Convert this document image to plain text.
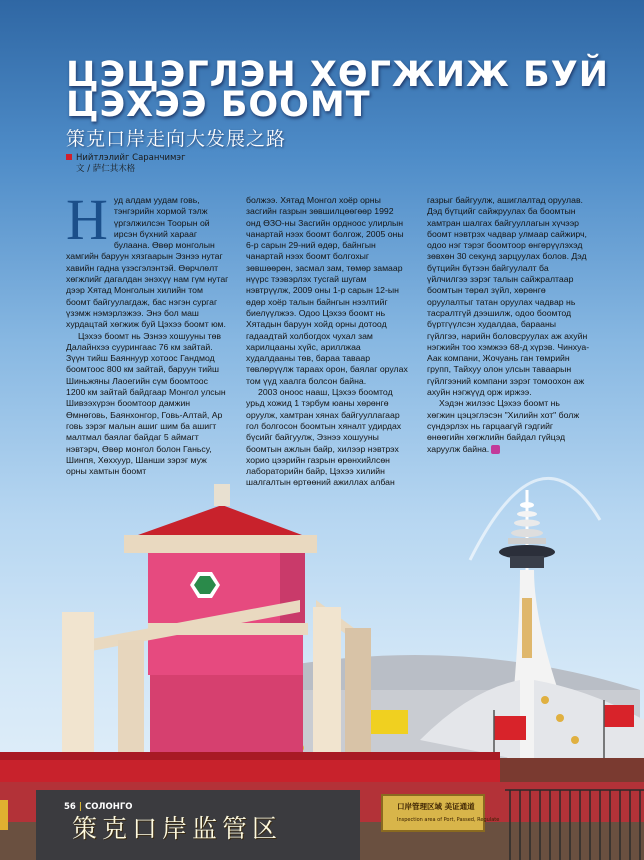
ЦЭЦЭГЛЭН ХӨГЖИЖ БУЙ
ЦЭХЭЭ БООМТ
策克口岸走向大发展之路
Нийтлэлийг Саранчимэг
文 / 萨仁其木格

Нуд алдам уудам говь, тэнгэрийн хормой тэлж үргэлжилсэн Тоорын ой ирсэн бүхний харааг булаана. Өвөр монголын хамгийн баруун хязгаарын Эзнээ нутаг хавийн гадна үзэсгэлэнтэй. Өөрчлөлт хөгжлийг дагалдан энэхүү нам гүм нутаг дээр Хятад Монголын хилийн том боомт байгуулагдаж, бас нэгэн сургаг үзэмж нэмэрлэжээ. Энэ бол маш хурдацтай хөгжиж буй Цэхээ боомт юм.

Цэхээ боомт нь Эзнээ хошууны төв Далайнхээ суурингаас 76 км зайтай. Зүүн тийш Баяннуур хотоос Гандмод боомтоос 800 км зайтай, баруун тийш Шиньжяны Лаоегийн сүм боомтоос 1200 км зайтай байдгаар Монгол улсын Шивээхүрэн боомтоор дамжин Өмнөговь, Баянхонгор, Говь-Алтай, Ар говь зэрэг малын ашиг шим ба ашигт малтмал баялаг байдаг 5 аймагт нэвтэрч, Өвөр монгол болон Ганьсу, Шинпя, Хөххуур, Шанши зэрэг муж орны хамтын боомт

болжээ. Хятад Монгол хоёр орны засгийн газрын зөвшилцөөгөөр 1992 онд ӨЗО-ны Засгийн ордноос улирлын чанартай нээх боомт болгож, 2005 оны 6-р сарын 29-ний өдөр, байнгын чанартай нээх боомт болгохыг зөвшөөрөн, засмал зам, төмөр замаар нүүрс тээвэрлэх тусгай шугам нэвтрүүлж, 2009 оны 1-р сарын 12-ын өдөр хоёр талын байнгын нээлтийг биелүүлжээ. Одоо Цэхээ боомт нь Хятадын баруун хойд орны дотоод гадаадтай холбогдох чухал зам харилцааны хүйс, ариллжаа худалдааны төв, бараа таваар төвлөрүүлж тарааx орон, баялаг орулах том үүд хаалга болсон байна.

2003 оноос нааш, Цэхээ боомтод урьд хожид 1 тэрбум юаны хөрөнгө оруулж, хамтран хянах байгууллагаар гол болгосон боомтын хяналт удирдах бүсийг байгуулж, Эзнээ хошууны боомтын ажлын байр, хилээр нэвтрэх хорио цээрийн газрын өрөнхийлсөн лабораторийн байр, Цэхээ хилийн шалгалтын өртөөний ажиллах албан

газрыг байгуулж, ашиглалтад оруулав. Дэд бүтцийг сайжруулах ба боомтын хамтран шалгах байгууллагын хүчээр боомт нэвтрэх чадвар улмаар сайжирч, одоо нэг тэрэг боомтоор өнгөрүүлэхэд зөвхөн 30 секунд зарцуулах болов. Дэд бүтцийн бүтээн байгуулалт ба үйлчилгээ зэрэг талын сайжралтаар боомтын төрөл зүйл, хөрөнгө оруулалтыг татан оруулах чадвар нь тасралтгүй дээшилж, одоо боомтод бүртгүүлсэн худалдаа, барааны гүйлгээ, нарийн боловсруулах аж ахуйн нэгжийн тоо хэмжээ 68-д хүрэв. Чинхуа-Аак компани, Жочуань ган төмрийн групп, Тайхуу олон улсын тавааpын гүйлгээний компани зэрэг томоохон аж ахуйн нэгжүүд орж иржээ.

Хэдэн жилээс Цэхээ боомт нь хөгжин цэцэглэсэн "Хилийн хот" болж сүндэрлэх нь гарцаагүй гэдгийг өнөөгийн хөгжлийн байдал гүйцэд харуулж байна.

56 | СОЛОНГО
策克口岸监管区
口岸管理区域 美证通道
Inspection area of Port, Passed, Regulate
